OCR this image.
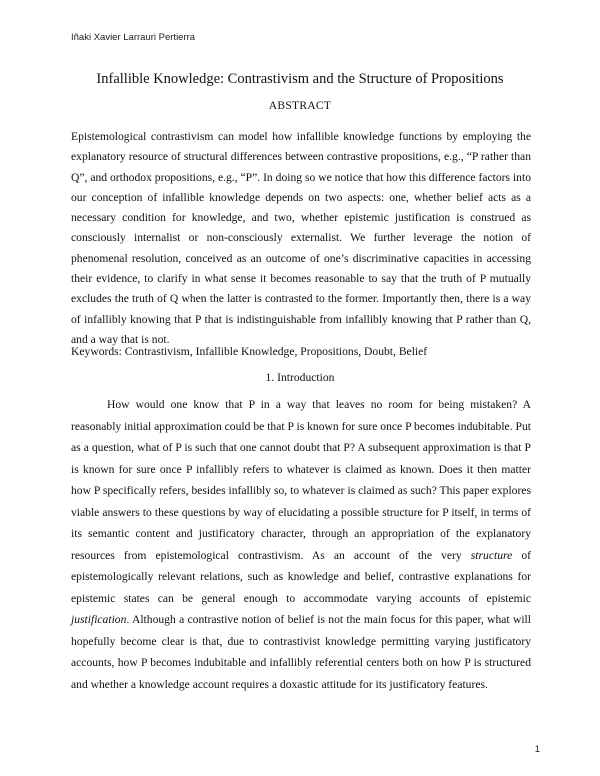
Iñaki Xavier Larrauri Pertierra
Infallible Knowledge: Contrastivism and the Structure of Propositions
ABSTRACT

Epistemological contrastivism can model how infallible knowledge functions by employing the explanatory resource of structural differences between contrastive propositions, e.g., “P rather than Q”, and orthodox propositions, e.g., “P”. In doing so we notice that how this difference factors into our conception of infallible knowledge depends on two aspects: one, whether belief acts as a necessary condition for knowledge, and two, whether epistemic justification is construed as consciously internalist or non-consciously externalist. We further leverage the notion of phenomenal resolution, conceived as an outcome of one’s discriminative capacities in accessing their evidence, to clarify in what sense it becomes reasonable to say that the truth of P mutually excludes the truth of Q when the latter is contrasted to the former. Importantly then, there is a way of infallibly knowing that P that is indistinguishable from infallibly knowing that P rather than Q, and a way that is not.

Keywords: Contrastivism, Infallible Knowledge, Propositions, Doubt, Belief

1. Introduction

How would one know that P in a way that leaves no room for being mistaken? A reasonably initial approximation could be that P is known for sure once P becomes indubitable. Put as a question, what of P is such that one cannot doubt that P? A subsequent approximation is that P is known for sure once P infallibly refers to whatever is claimed as known. Does it then matter how P specifically refers, besides infallibly so, to whatever is claimed as such? This paper explores viable answers to these questions by way of elucidating a possible structure for P itself, in terms of its semantic content and justificatory character, through an appropriation of the explanatory resources from epistemological contrastivism. As an account of the very structure of epistemologically relevant relations, such as knowledge and belief, contrastive explanations for epistemic states can be general enough to accommodate varying accounts of epistemic justification. Although a contrastive notion of belief is not the main focus for this paper, what will hopefully become clear is that, due to contrastivist knowledge permitting varying justificatory accounts, how P becomes indubitable and infallibly referential centers both on how P is structured and whether a knowledge account requires a doxastic attitude for its justificatory features.

1
